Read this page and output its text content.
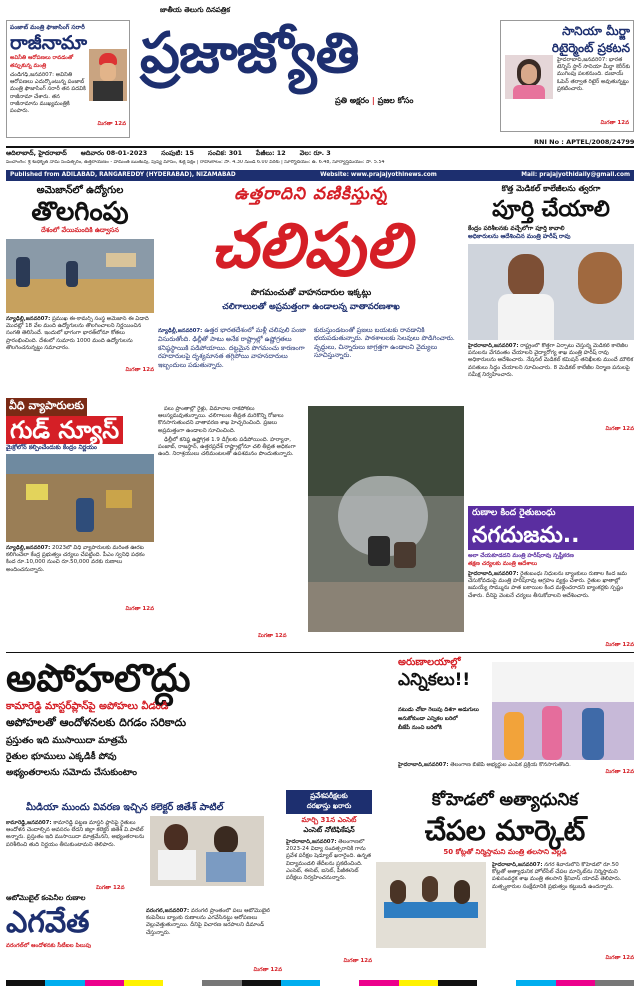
పంజాబ్ మంత్రి ఫౌజాసింగ్ సరారీ
రాజీనామా
అవినీతి ఆరోపణలు రావడంతో
తప్పుకున్న మంత్రి
చండీగఢ్,జనవరి07: అవినీతి ఆరోపణలు ఎదుర్కొంటున్న పంజాబ్ మంత్రి ఫౌజాసింగ్ సరారీ తన పదవికి రాజీనామా చేశారు. తన రాజీనామాను ముఖ్యమంత్రికి పంపారు.
మిగతా 12వ
జాతీయ తెలుగు దినపత్రిక
ప్రజాజ్యోతి
ప్రతి అక్షరం | ప్రజల కోసం
సానియా మీర్జా
రిటైర్మెంట్ ప్రకటన
హైదరాబాద్,జనవరి07: భారత టెన్నిస్ స్టార్ సానియా మీర్జా కెరీర్‌కు ముగింపు పలకనుంది. దుబాయ్ ఓపెన్ తర్వాత రిటైర్ అవుతున్నట్టు ప్రకటించారు.
మిగతా 12వ
RNI No : APTEL/2008/24799
ఆదిలాబాద్, హైదరాబాద్ ఆదివారం 08-01-2023 సంపుటి: 15 సంచిక: 301 పేజీలు: 12 వెల: రూ. 3
పంచాంగం: శ్రీ శుభకృత్ నామ సంవత్సరం, ఉత్తరాయణం - హేమంత ఋతువు, పుష్య మాసం, శుక్ల పక్షం | రాహుకాలం: సా. 4.30 నుండి 6.00 వరకు | సూర్యోదయం: ఉ. 6.48, సూర్యాస్తమయం: సా. 5.54
Published from ADILABAD, RANGAREDDY (HYDERABAD), NIZAMABAD	Website: www.prajajyothinews.com	Mail: prajajyothidaily@gmail.com
అమెజాన్‌లో ఉద్యోగుల
తొలగింపు
దేశంలో వేయిమందికి ఉద్వాసన
న్యూఢిల్లీ,జనవరి07: ప్రముఖ ఈ-కామర్స్ సంస్థ అమెజాన్ ఈ ఏడాది మొదట్లో 18 వేల మంది ఉద్యోగులను తొలగించాలని నిర్ణయించిన సంగతి తెలిసిందే. ఇందులో భాగంగా భారత్‌లోనూ కోతలు ప్రారంభించింది. దేశంలో సుమారు 1000 మంది ఉద్యోగులను తొలగించనున్నట్టు సమాచారం.
మిగతా 12వ
వీధి వ్యాపారులకు గుడ్ న్యూస్
మైక్రోలోన్ కల్పించేందుకు కేంద్రం నిర్ణయం
న్యూఢిల్లీ,జనవరి07: 2023లో వీధి వ్యాపారులకు మరింత ఊరట కలిగించేలా కేంద్ర ప్రభుత్వం చర్యలు చేపట్టింది. పీఎం స్వనిధి పథకం కింద రూ.10,000 నుంచి రూ.50,000 వరకు రుణాలు అందించనున్నారు.
మిగతా 12వ
ఉత్తరాదిని వణికిస్తున్న
చలిపులి
పొగమంచుతో వాహనదారుల ఇక్కట్లు
చలిగాలులతో అప్రమత్తంగా ఉండాలన్న వాతావరణశాఖ
న్యూఢిల్లీ,జనవరి07: ఉత్తర భారతదేశంలో మళ్లీ చలిపులి పంజా విసురుతోంది. ఢిల్లీతో పాటు అనేక రాష్ట్రాల్లో ఉష్ణోగ్రతలు కనిష్ఠస్థాయికి పడిపోయాయి. దట్టమైన పొగమంచు కారణంగా రహదారులపై దృశ్యమానత తగ్గిపోయి వాహనదారులు ఇబ్బందులు పడుతున్నారు.
కురుస్తుండటంతో ప్రజలు బయటకు రావడానికి భయపడుతున్నారు. పాఠశాలలకు సెలవులు పొడిగించారు. వృద్ధులు, చిన్నారులు జాగ్రత్తగా ఉండాలని వైద్యులు సూచిస్తున్నారు.

పలు ప్రాంతాల్లో రైళ్లు, విమానాల రాకపోకలు ఆలస్యమవుతున్నాయి. చలిగాలుల తీవ్రత మరికొన్ని రోజులు కొనసాగుతుందని వాతావరణ శాఖ హెచ్చరించింది. ప్రజలు అప్రమత్తంగా ఉండాలని సూచించింది.

ఢిల్లీలో కనిష్ఠ ఉష్ణోగ్రత 1.9 డిగ్రీలకు పడిపోయింది. హర్యానా, పంజాబ్, రాజస్థాన్, ఉత్తరప్రదేశ్ రాష్ట్రాల్లోనూ చలి తీవ్రత అధికంగా ఉంది. నిరాశ్రయులు చలిమంటలతో ఉపశమనం పొందుతున్నారు.

మిగతా 12వ
కొత్త మెడికల్ కాలేజీలను త్వరగా
పూర్తి చేయాలి
కేంద్రం పరిశీలనకు వచ్చేలోగా పూర్తి కావాలి
అధికారులను ఆదేశించిన మంత్రి హరీష్ రావు
హైదరాబాద్,జనవరి07: రాష్ట్రంలో కొత్తగా ఏర్పాటు చేస్తున్న మెడికల్ కాలేజీల పనులను వేగవంతం చేయాలని వైద్యారోగ్య శాఖ మంత్రి హరీష్ రావు అధికారులను ఆదేశించారు. నేషనల్ మెడికల్ కమిషన్ తనిఖీలకు ముందే మౌలిక వసతులు సిద్ధం చేయాలని సూచించారు. 8 మెడికల్ కాలేజీల నిర్మాణ పనులపై సమీక్ష నిర్వహించారు.
మిగతా 12వ
రుణాల కింద రైతుబంధు
నగదుజమ..
అలా చేయకూడదని మంత్రి హరీష్‌రావు స్పష్టీకరణ
తక్షణ చర్యలకు మంత్రి ఆదేశాలు
హైదరాబాద్,జనవరి07: రైతుబంధు నిధులను బ్యాంకులు రుణాల కింద జమ చేసుకోవడంపై మంత్రి హరీష్‌రావు ఆగ్రహం వ్యక్తం చేశారు. రైతుల ఖాతాల్లో జమయ్యే సొమ్మును పాత బకాయిల కింద మళ్లించరాదని బ్యాంకర్లకు స్పష్టం చేశారు. దీనిపై వెంటనే చర్యలు తీసుకోవాలని ఆదేశించారు.
మిగతా 12వ
అపోహలొద్దు
కామారెడ్డి మాస్టర్‌ప్లాన్‌పై అపోహలు వీడండి
అపోహలతో ఆందోళనలకు దిగడం సరికాదు
ప్రస్తుతం ఇది ముసాయిదా మాత్రమే
రైతుల భూములు ఎక్కడికీ పోవు
అభ్యంతరాలను సమోదు చేసుకుంటాం
మీడియా ముందు వివరణ ఇచ్చిన కలెక్టర్ జితేశ్ పాటిల్
కామారెడ్డి,జనవరి07: కామారెడ్డి పట్టణ మాస్టర్ ప్లాన్‌పై రైతులు ఆందోళన చెందాల్సిన అవసరం లేదని జిల్లా కలెక్టర్ జితేశ్ వి.పాటిల్ అన్నారు. ప్రస్తుతం ఇది ముసాయిదా మాత్రమేనని, అభ్యంతరాలను పరిశీలించి తుది నిర్ణయం తీసుకుంటామని తెలిపారు.
మిగతా 12వ
అరుణాలయాల్లో
ఎన్నికలు!!
నటుడు చోటా గెలుపు దిశగా అడుగులు
అనుకోకుండా ఎన్నికల బరిలో
బీజేపీ నుంచి బరిలోకి
హైదరాబాద్,జనవరి07: తెలంగాణ బీజేపీ అభ్యర్థుల ఎంపిక ప్రక్రియ కొనసాగుతోంది.
మిగతా 12వ
ప్రవేశపరీక్షలకు
దరఖాస్తు ఖరారు
మార్చి 31న ఎంసెట్
ఎంసెట్ నోటిఫికేషన్
హైదరాబాద్,జనవరి07: తెలంగాణలో 2023-24 విద్యా సంవత్సరానికి గాను ప్రవేశ పరీక్షల షెడ్యూల్ ఖరారైంది. ఉన్నత విద్యామండలి తేదీలను ప్రకటించింది. ఎంసెట్, ఈసెట్, ఐసెట్, పీజీఈసెట్ పరీక్షలు నిర్వహించనున్నారు.
మిగతా 12వ
కోహెడలో అత్యాధునిక
చేపల మార్కెట్
50 కోట్లతో నిర్మిస్తామని మంత్రి తలసాని వెల్లడి
హైదరాబాద్,జనవరి07: నగర శివారులోని కోహెడలో రూ.50 కోట్లతో అత్యాధునిక హోల్‌సేల్ చేపల మార్కెట్‌ను నిర్మిస్తామని పశుసంవర్ధక శాఖ మంత్రి తలసాని శ్రీనివాస్ యాదవ్ తెలిపారు. మత్స్యకారుల సంక్షేమానికి ప్రభుత్వం కట్టుబడి ఉందన్నారు.
మిగతా 12వ
ఆటోమొబైల్ కంపెనీల రుణాల
ఎగవేత
వరంగల్‌లో ఆందోళనకు సీటీఐల పిలుపు
వరంగల్,జనవరి07: వరంగల్ ప్రాంతంలో పలు ఆటోమొబైల్ కంపెనీలు బ్యాంకు రుణాలను ఎగవేసినట్టు ఆరోపణలు వెల్లువెత్తుతున్నాయి. దీనిపై విచారణ జరపాలని డిమాండ్ చేస్తున్నారు.
మిగతా 12వ
